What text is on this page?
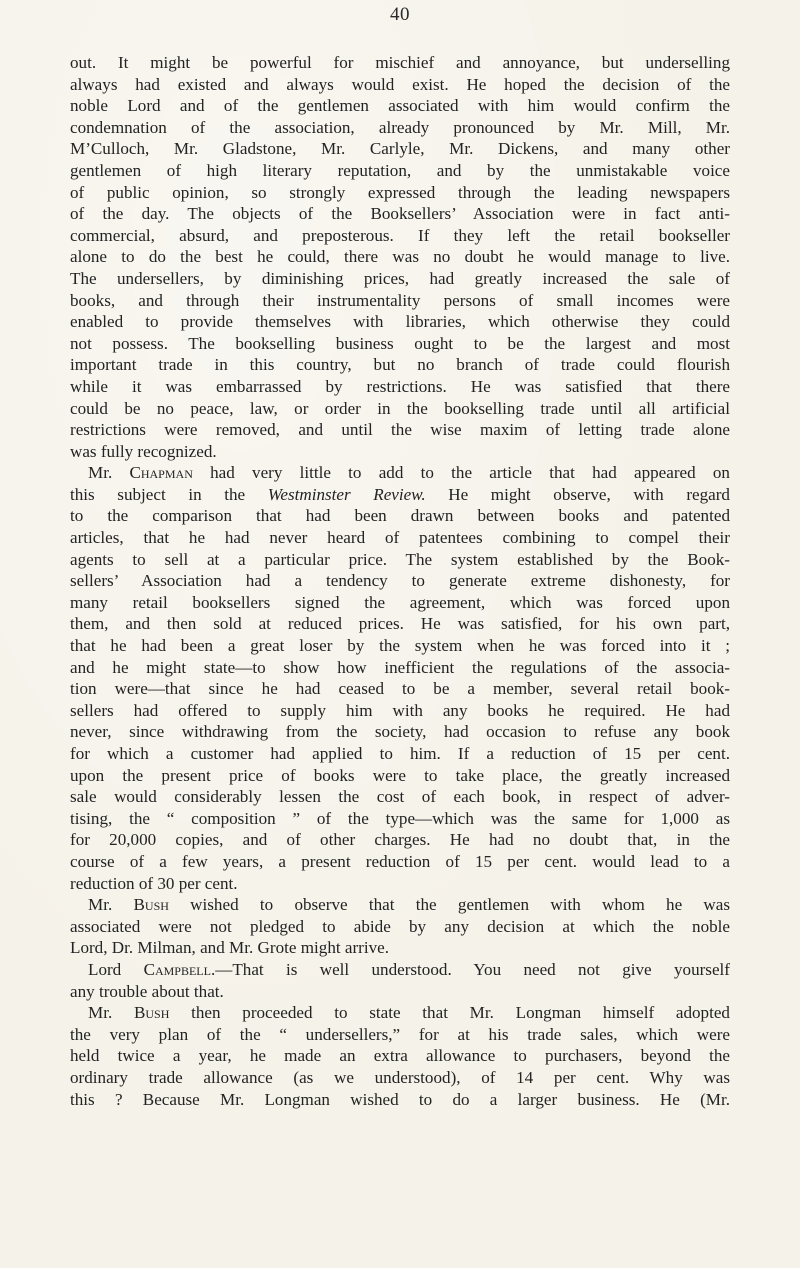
40
out. It might be powerful for mischief and annoyance, but underselling
always had existed and always would exist. He hoped the decision of the
noble Lord and of the gentlemen associated with him would confirm the
condemnation of the association, already pronounced by Mr. Mill, Mr.
M’Culloch, Mr. Gladstone, Mr. Carlyle, Mr. Dickens, and many other
gentlemen of high literary reputation, and by the unmistakable voice
of public opinion, so strongly expressed through the leading newspapers
of the day. The objects of the Booksellers’ Association were in fact anti-
commercial, absurd, and preposterous. If they left the retail bookseller
alone to do the best he could, there was no doubt he would manage to live.
The undersellers, by diminishing prices, had greatly increased the sale of
books, and through their instrumentality persons of small incomes were
enabled to provide themselves with libraries, which otherwise they could
not possess. The bookselling business ought to be the largest and most
important trade in this country, but no branch of trade could flourish
while it was embarrassed by restrictions. He was satisfied that there
could be no peace, law, or order in the bookselling trade until all artificial
restrictions were removed, and until the wise maxim of letting trade alone
was fully recognized.
Mr. Chapman had very little to add to the article that had appeared on
this subject in the Westminster Review. He might observe, with regard
to the comparison that had been drawn between books and patented
articles, that he had never heard of patentees combining to compel their
agents to sell at a particular price. The system established by the Book-
sellers’ Association had a tendency to generate extreme dishonesty, for
many retail booksellers signed the agreement, which was forced upon
them, and then sold at reduced prices. He was satisfied, for his own part,
that he had been a great loser by the system when he was forced into it ;
and he might state—to show how inefficient the regulations of the associa-
tion were—that since he had ceased to be a member, several retail book-
sellers had offered to supply him with any books he required. He had
never, since withdrawing from the society, had occasion to refuse any book
for which a customer had applied to him. If a reduction of 15 per cent.
upon the present price of books were to take place, the greatly increased
sale would considerably lessen the cost of each book, in respect of adver-
tising, the “ composition ” of the type—which was the same for 1,000 as
for 20,000 copies, and of other charges. He had no doubt that, in the
course of a few years, a present reduction of 15 per cent. would lead to a
reduction of 30 per cent.
Mr. Bush wished to observe that the gentlemen with whom he was
associated were not pledged to abide by any decision at which the noble
Lord, Dr. Milman, and Mr. Grote might arrive.
Lord Campbell.—That is well understood. You need not give yourself
any trouble about that.
Mr. Bush then proceeded to state that Mr. Longman himself adopted
the very plan of the “ undersellers,” for at his trade sales, which were
held twice a year, he made an extra allowance to purchasers, beyond the
ordinary trade allowance (as we understood), of 14 per cent. Why was
this ? Because Mr. Longman wished to do a larger business. He (Mr.
